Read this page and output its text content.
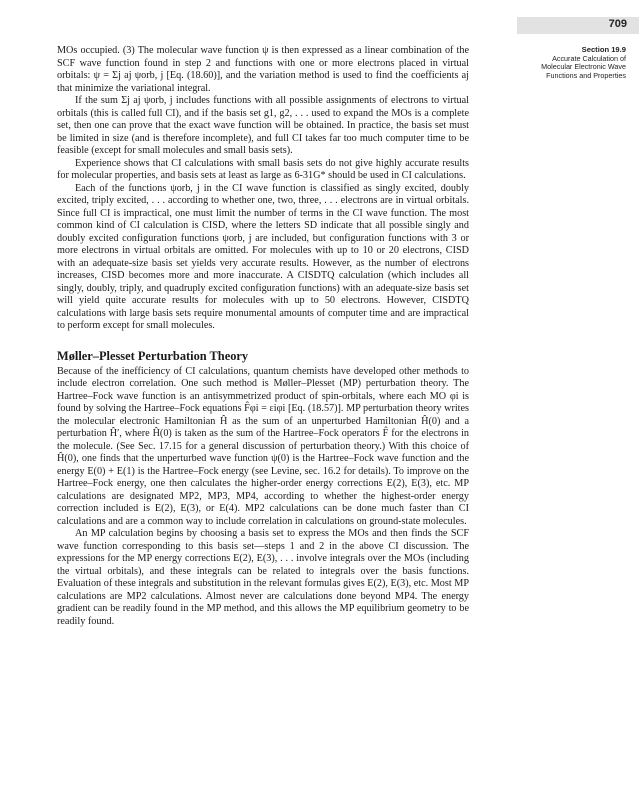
709
Section 19.9
Accurate Calculation of
Molecular Electronic Wave
Functions and Properties

MOs occupied. (3) The molecular wave function ψ is then expressed as a linear combination of the SCF wave function found in step 2 and functions with one or more electrons placed in virtual orbitals: ψ = Σj aj ψorb, j [Eq. (18.60)], and the variation method is used to find the coefficients aj that minimize the variational integral.

If the sum Σj aj ψorb, j includes functions with all possible assignments of electrons to virtual orbitals (this is called full CI), and if the basis set g1, g2, . . . used to expand the MOs is a complete set, then one can prove that the exact wave function will be obtained. In practice, the basis set must be limited in size (and is therefore incomplete), and full CI takes far too much computer time to be feasible (except for small molecules and small basis sets).

Experience shows that CI calculations with small basis sets do not give highly accurate results for molecular properties, and basis sets at least as large as 6-31G* should be used in CI calculations.

Each of the functions ψorb, j in the CI wave function is classified as singly excited, doubly excited, triply excited, . . . according to whether one, two, three, . . . electrons are in virtual orbitals. Since full CI is impractical, one must limit the number of terms in the CI wave function. The most common kind of CI calculation is CISD, where the letters SD indicate that all possible singly and doubly excited configuration functions ψorb, j are included, but configuration functions with 3 or more electrons in virtual orbitals are omitted. For molecules with up to 10 or 20 electrons, CISD with an adequate-size basis set yields very accurate results. However, as the number of electrons increases, CISD becomes more and more inaccurate. A CISDTQ calculation (which includes all singly, doubly, triply, and quadruply excited configuration functions) with an adequate-size basis set will yield quite accurate results for molecules with up to 50 electrons. However, CISDTQ calculations with large basis sets require monumental amounts of computer time and are impractical to perform except for small molecules.

Møller–Plesset Perturbation Theory

Because of the inefficiency of CI calculations, quantum chemists have developed other methods to include electron correlation. One such method is Møller–Plesset (MP) perturbation theory. The Hartree–Fock wave function is an antisymmetrized product of spin-orbitals, where each MO φi is found by solving the Hartree–Fock equations F̂φi = εiφi [Eq. (18.57)]. MP perturbation theory writes the molecular electronic Hamiltonian Ĥ as the sum of an unperturbed Hamiltonian Ĥ(0) and a perturbation Ĥ′, where Ĥ(0) is taken as the sum of the Hartree–Fock operators F̂ for the electrons in the molecule. (See Sec. 17.15 for a general discussion of perturbation theory.) With this choice of Ĥ(0), one finds that the unperturbed wave function ψ(0) is the Hartree–Fock wave function and the energy E(0) + E(1) is the Hartree–Fock energy (see Levine, sec. 16.2 for details). To improve on the Hartree–Fock energy, one then calculates the higher-order energy corrections E(2), E(3), etc. MP calculations are designated MP2, MP3, MP4, according to whether the highest-order energy correction included is E(2), E(3), or E(4). MP2 calculations can be done much faster than CI calculations and are a common way to include correlation in calculations on ground-state molecules.

An MP calculation begins by choosing a basis set to express the MOs and then finds the SCF wave function corresponding to this basis set—steps 1 and 2 in the above CI discussion. The expressions for the MP energy corrections E(2), E(3), . . . involve integrals over the MOs (including the virtual orbitals), and these integrals can be related to integrals over the basis functions. Evaluation of these integrals and substitution in the relevant formulas gives E(2), E(3), etc. Most MP calculations are MP2 calculations. Almost never are calculations done beyond MP4. The energy gradient can be readily found in the MP method, and this allows the MP equilibrium geometry to be readily found.
